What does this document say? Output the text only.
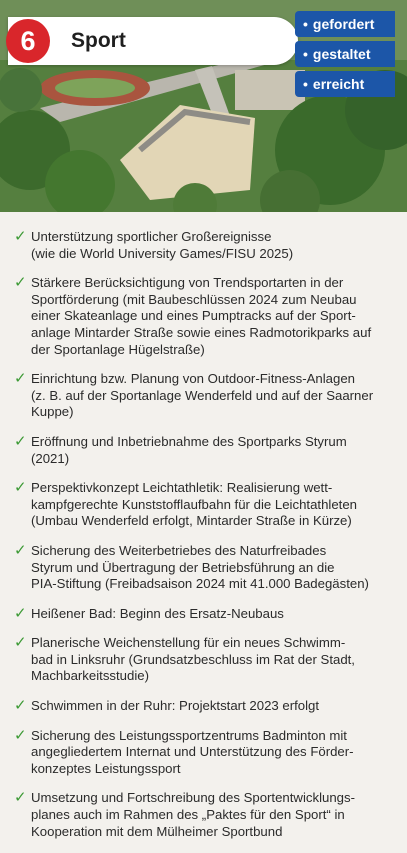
6	Sport
• gefordert
• gestaltet
• erreicht
✓ Unterstützung sportlicher Großereignisse
(wie die World University Games/FISU 2025)
✓ Stärkere Berücksichtigung von Trendsportarten in der
Sportförderung (mit Baubeschlüssen 2024 zum Neubau
einer Skateanlage und eines Pumptracks auf der Sport-
anlage Mintarder Straße sowie eines Radmotorikparks auf
der Sportanlage Hügelstraße)
✓ Einrichtung bzw. Planung von Outdoor-Fitness-Anlagen
(z. B. auf der Sportanlage Wenderfeld und auf der Saarner
Kuppe)
✓ Eröffnung und Inbetriebnahme des Sportparks Styrum
(2021)
✓ Perspektivkonzept Leichtathletik: Realisierung wett-
kampfgerechte Kunststofflaufbahn für die Leichtathleten
(Umbau Wenderfeld erfolgt, Mintarder Straße in Kürze)
✓ Sicherung des Weiterbetriebes des Naturfreibades
Styrum und Übertragung der Betriebsführung an die
PIA-Stiftung (Freibadsaison 2024 mit 41.000 Badegästen)
✓ Heißener Bad: Beginn des Ersatz-Neubaus
✓ Planerische Weichenstellung für ein neues Schwimm-
bad in Linksruhr (Grundsatzbeschluss im Rat der Stadt,
Machbarkeitsstudie)
✓ Schwimmen in der Ruhr: Projektstart 2023 erfolgt
✓ Sicherung des Leistungssportzentrums Badminton mit
angegliedertem Internat und Unterstützung des Förder-
konzeptes Leistungssport
✓ Umsetzung und Fortschreibung des Sportentwicklungs-
planes auch im Rahmen des „Paktes für den Sport“ in
Kooperation mit dem Mülheimer Sportbund
